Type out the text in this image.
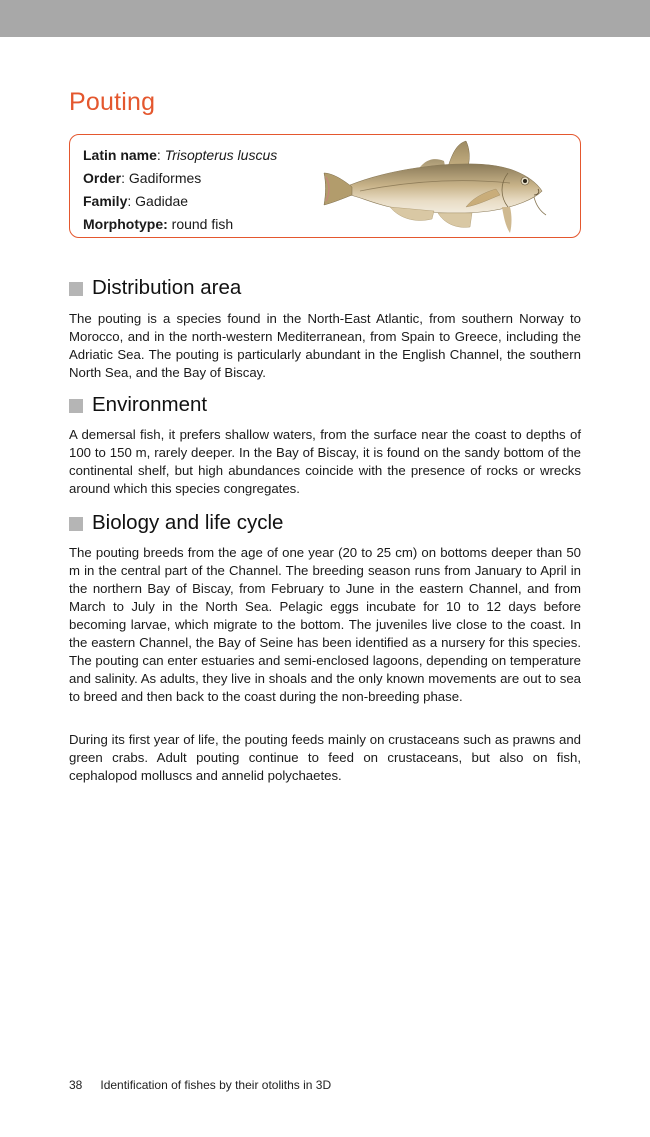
Pouting
Latin name: Trisopterus luscus
Order: Gadiformes
Family: Gadidae
Morphotype: round fish
Distribution area

The pouting is a species found in the North-East Atlantic, from southern Norway to Morocco, and in the north-western Mediterranean, from Spain to Greece, including the Adriatic Sea. The pouting is particularly abundant in the English Channel, the southern North Sea, and the Bay of Biscay.

Environment

A demersal fish, it prefers shallow waters, from the surface near the coast to depths of 100 to 150 m, rarely deeper. In the Bay of Biscay, it is found on the sandy bottom of the continental shelf, but high abundances coincide with the presence of rocks or wrecks around which this species congregates.

Biology and life cycle

The pouting breeds from the age of one year (20 to 25 cm) on bottoms deeper than 50 m in the central part of the Channel. The breeding season runs from January to April in the northern Bay of Biscay, from February to June in the eastern Channel, and from March to July in the North Sea. Pelagic eggs incubate for 10 to 12 days before becoming larvae, which migrate to the bottom. The juveniles live close to the coast. In the eastern Channel, the Bay of Seine has been identified as a nursery for this species. The pouting can enter estuaries and semi-enclosed lagoons, depending on temperature and salinity. As adults, they live in shoals and the only known movements are out to sea to breed and then back to the coast during the non-breeding phase.

During its first year of life, the pouting feeds mainly on crustaceans such as prawns and green crabs. Adult pouting continue to feed on crustaceans, but also on fish, cephalopod molluscs and annelid polychaetes.

38 Identification of fishes by their otoliths in 3D
